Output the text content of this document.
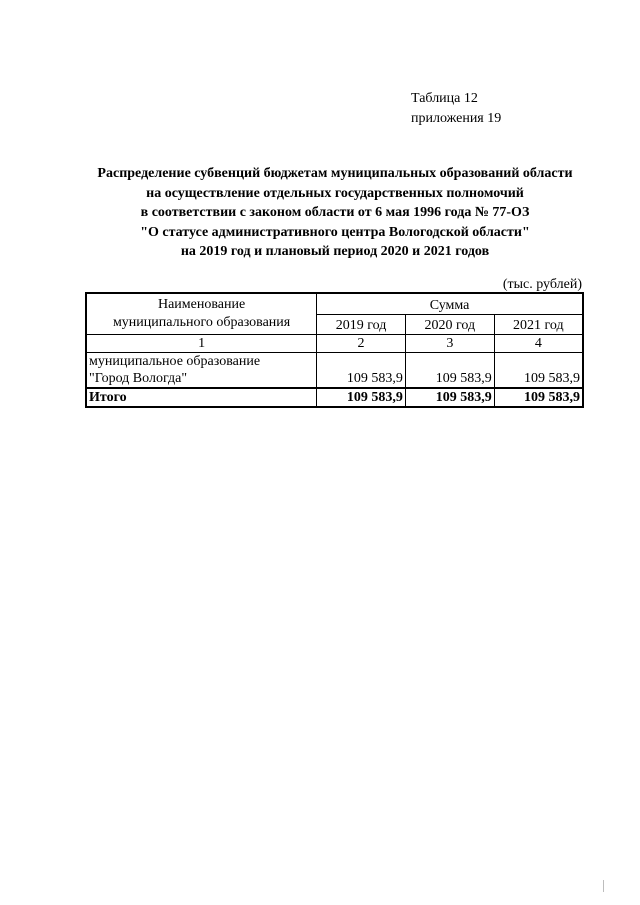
Таблица 12
приложения 19
Распределение субвенций бюджетам муниципальных образований области
на осуществление отдельных государственных полномочий
в соответствии с законом области от 6 мая 1996 года № 77-ОЗ
"О статусе административного центра Вологодской области"
на 2019 год и плановый период 2020 и 2021 годов
(тыс. рублей)
Наименование
муниципального образования	Сумма		
	2019 год	2020 год	2021 год
1	2	3	4

муниципальное образование
"Город Вологда"	109 583,9	109 583,9	109 583,9
Итого	109 583,9	109 583,9	109 583,9
